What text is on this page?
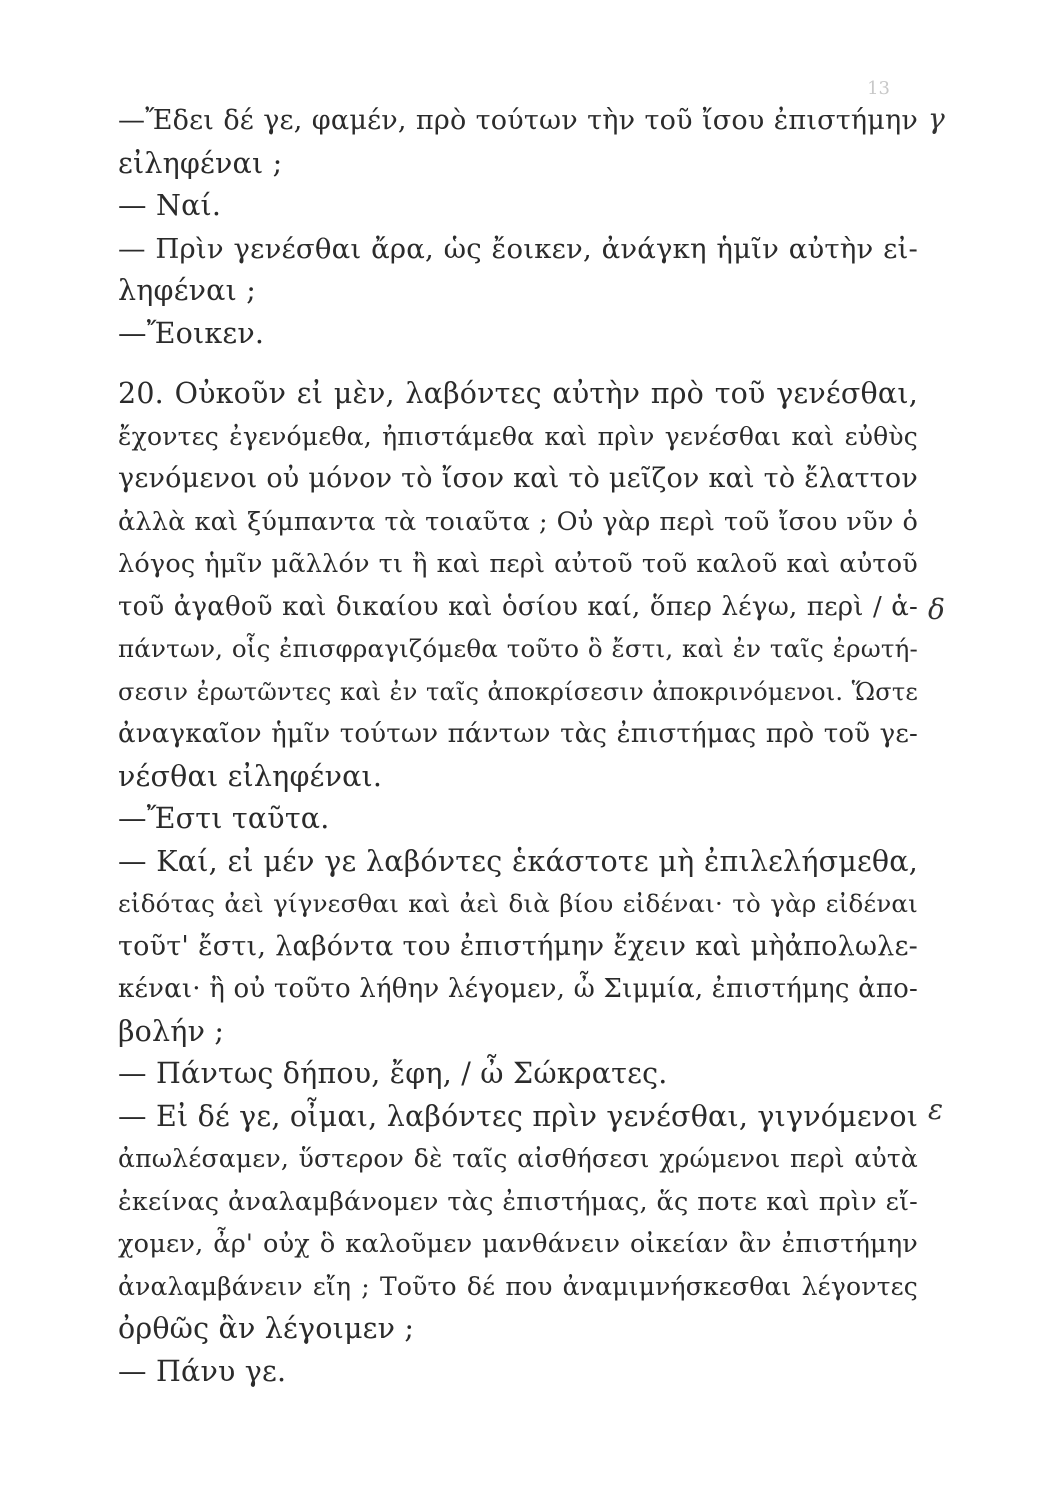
13
γ
δ
ε
—Ἔδει δέ γε, φαμέν, πρὸ τούτων τὴν τοῦ ἴσου ἐπιστήμην
εἰληφέναι ;
— Ναί.
— Πρὶν γενέσθαι ἄρα, ὡς ἔοικεν, ἀνάγκη ἡμῖν αὐτὴν εἰ-
ληφέναι ;
—Ἔοικεν.
20. Οὐκοῦν εἰ μὲν, λαβόντες αὐτὴν πρὸ τοῦ γενέσθαι,
ἔχοντες ἐγενόμεθα, ἠπιστάμεθα καὶ πρὶν γενέσθαι καὶ εὐθὺς
γενόμενοι οὐ μόνον τὸ ἴσον καὶ τὸ μεῖζον καὶ τὸ ἔλαττον
ἀλλὰ καὶ ξύμπαντα τὰ τοιαῦτα ; Οὐ γὰρ περὶ τοῦ ἴσου νῦν ὁ
λόγος ἡμῖν μᾶλλόν τι ἢ καὶ περὶ αὐτοῦ τοῦ καλοῦ καὶ αὐτοῦ
τοῦ ἀγαθοῦ καὶ δικαίου καὶ ὁσίου καί, ὅπερ λέγω, περὶ / ἁ-
πάντων, οἷς ἐπισφραγιζόμεθα τοῦτο ὃ ἔστι, καὶ ἐν ταῖς ἐρωτή-
σεσιν ἐρωτῶντες καὶ ἐν ταῖς ἀποκρίσεσιν ἀποκρινόμενοι. Ὥστε
ἀναγκαῖον ἡμῖν τούτων πάντων τὰς ἐπιστήμας πρὸ τοῦ γε-
νέσθαι εἰληφέναι.
—Ἔστι ταῦτα.
— Καί, εἰ μέν γε λαβόντες ἑκάστοτε μὴ ἐπιλελήσμεθα,
εἰδότας ἀεὶ γίγνεσθαι καὶ ἀεὶ διὰ βίου εἰδέναι· τὸ γὰρ εἰδέναι
τοῦτ' ἔστι, λαβόντα του ἐπιστήμην ἔχειν καὶ μὴἀπολωλε-
κέναι· ἢ οὐ τοῦτο λήθην λέγομεν, ὦ Σιμμία, ἐπιστήμης ἀπο-
βολήν ;
— Πάντως δήπου, ἔφη, / ὦ Σώκρατες.
— Εἰ δέ γε, οἶμαι, λαβόντες πρὶν γενέσθαι, γιγνόμενοι
ἀπωλέσαμεν, ὕστερον δὲ ταῖς αἰσθήσεσι χρώμενοι περὶ αὐτὰ
ἐκείνας ἀναλαμβάνομεν τὰς ἐπιστήμας, ἅς ποτε καὶ πρὶν εἴ-
χομεν, ἆρ' οὐχ ὃ καλοῦμεν μανθάνειν οἰκείαν ἂν ἐπιστήμην
ἀναλαμβάνειν εἴη ; Τοῦτο δέ που ἀναμιμνήσκεσθαι λέγοντες
ὀρθῶς ἂν λέγοιμεν ;
— Πάνυ γε.
